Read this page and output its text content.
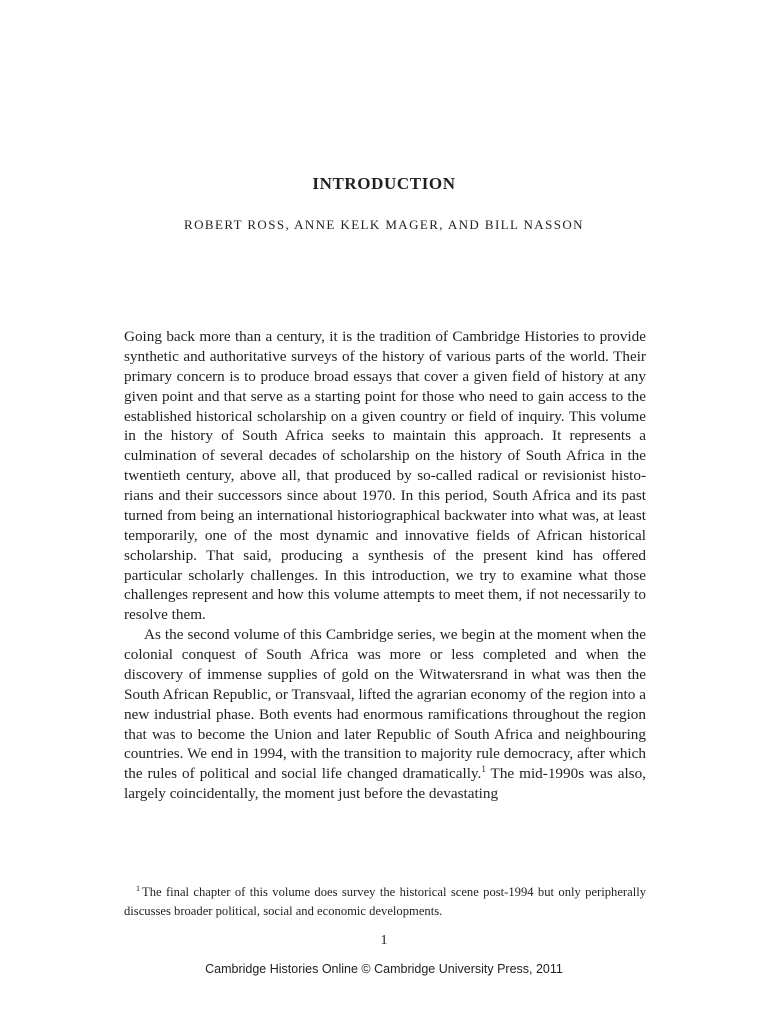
INTRODUCTION
ROBERT ROSS, ANNE KELK MAGER, AND BILL NASSON

Going back more than a century, it is the tradition of Cambridge Histories to provide synthetic and authoritative surveys of the history of various parts of the world. Their primary concern is to produce broad essays that cover a given field of history at any given point and that serve as a starting point for those who need to gain access to the established historical scholarship on a given country or field of inquiry. This volume in the history of South Africa seeks to maintain this approach. It represents a culmination of several decades of scholarship on the history of South Africa in the twentieth century, above all, that produced by so-called radical or revisionist historians and their successors since about 1970. In this period, South Africa and its past turned from being an international historiographical backwater into what was, at least temporarily, one of the most dynamic and innovative fields of African historical scholarship. That said, producing a synthesis of the present kind has offered particular scholarly challenges. In this introduction, we try to examine what those challenges represent and how this volume attempts to meet them, if not necessarily to resolve them.

As the second volume of this Cambridge series, we begin at the moment when the colonial conquest of South Africa was more or less completed and when the discovery of immense supplies of gold on the Witwatersrand in what was then the South African Republic, or Transvaal, lifted the agrarian economy of the region into a new industrial phase. Both events had enormous ramifications throughout the region that was to become the Union and later Republic of South Africa and neighbouring countries. We end in 1994, with the transition to majority rule democracy, after which the rules of political and social life changed dramatically.$^1$ The mid-1990s was also, largely coincidentally, the moment just before the devastating

$^1$ The final chapter of this volume does survey the historical scene post-1994 but only peripherally discusses broader political, social and economic developments.
1
Cambridge Histories Online © Cambridge University Press, 2011
